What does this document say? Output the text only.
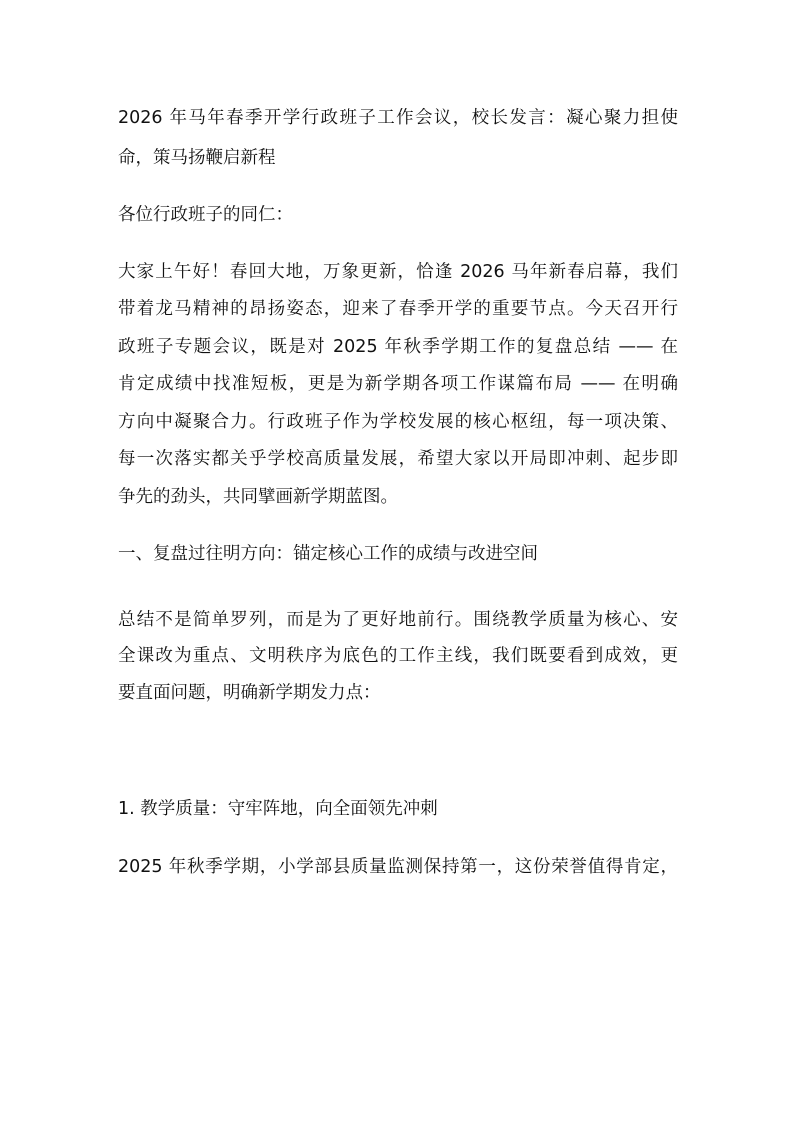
2026 年马年春季开学行政班子工作会议，校长发言：凝心聚力担使
命，策马扬鞭启新程
各位行政班子的同仁：
大家上午好！春回大地，万象更新，恰逢 2026 马年新春启幕，我们
带着龙马精神的昂扬姿态，迎来了春季开学的重要节点。今天召开行
政班子专题会议，既是对 2025 年秋季学期工作的复盘总结 —— 在
肯定成绩中找准短板，更是为新学期各项工作谋篇布局 —— 在明确
方向中凝聚合力。行政班子作为学校发展的核心枢纽，每一项决策、
每一次落实都关乎学校高质量发展，希望大家以开局即冲刺、起步即
争先的劲头，共同擘画新学期蓝图。
一、复盘过往明方向：锚定核心工作的成绩与改进空间
总结不是简单罗列，而是为了更好地前行。围绕教学质量为核心、安
全课改为重点、文明秩序为底色的工作主线，我们既要看到成效，更
要直面问题，明确新学期发力点：
1. 教学质量：守牢阵地，向全面领先冲刺
2025 年秋季学期，小学部县质量监测保持第一，这份荣誉值得肯定，
